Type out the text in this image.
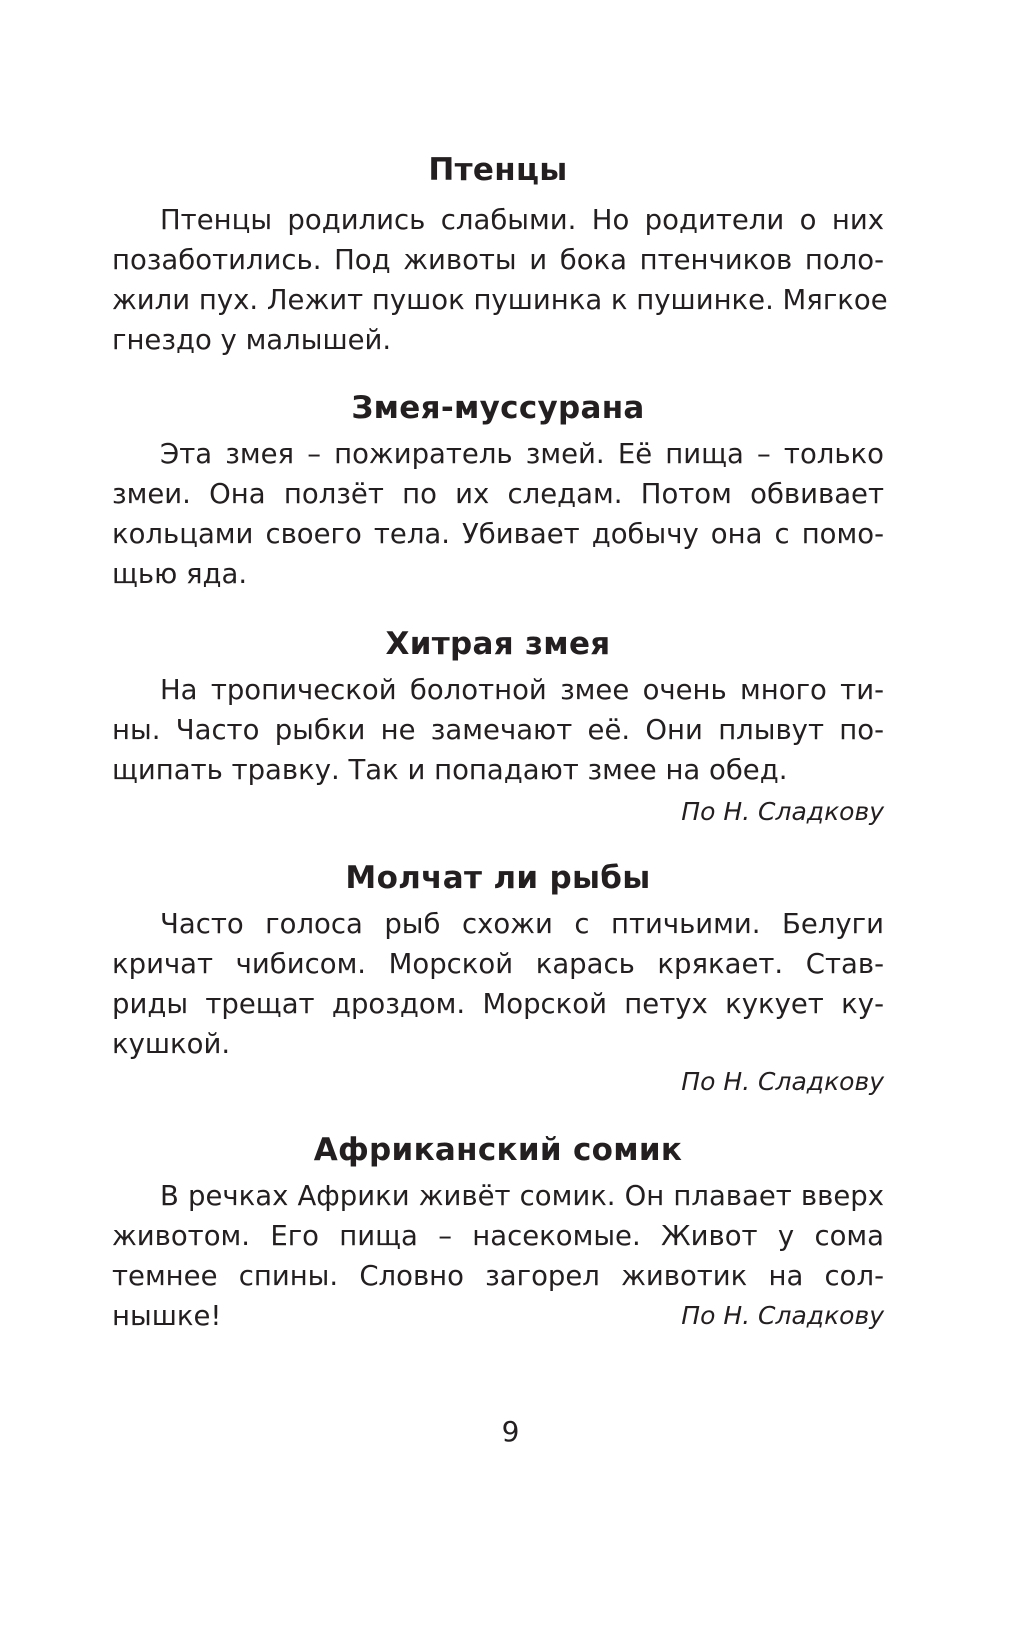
Птенцы
Птенцы родились слабыми. Но родители о них
позаботились. Под животы и бока птенчиков поло-
жили пух. Лежит пушок пушинка к пушинке. Мягкое
гнездо у малышей.
Змея-муссурана
Эта змея – пожиратель змей. Её пища – только
змеи. Она ползёт по их следам. Потом обвивает
кольцами своего тела. Убивает добычу она с помо-
щью яда.
Хитрая змея
На тропической болотной змее очень много ти-
ны. Часто рыбки не замечают её. Они плывут по-
щипать травку. Так и попадают змее на обед.
По Н. Сладкову
Молчат ли рыбы
Часто голоса рыб схожи с птичьими. Белуги
кричат чибисом. Морской карась крякает. Став-
риды трещат дроздом. Морской петух кукует ку-
кушкой.
По Н. Сладкову
Африканский сомик
В речках Африки живёт сомик. Он плавает вверх
животом. Его пища – насекомые. Живот у сома
темнее спины. Словно загорел животик на сол-
нышке!	По Н. Сладкову
9
